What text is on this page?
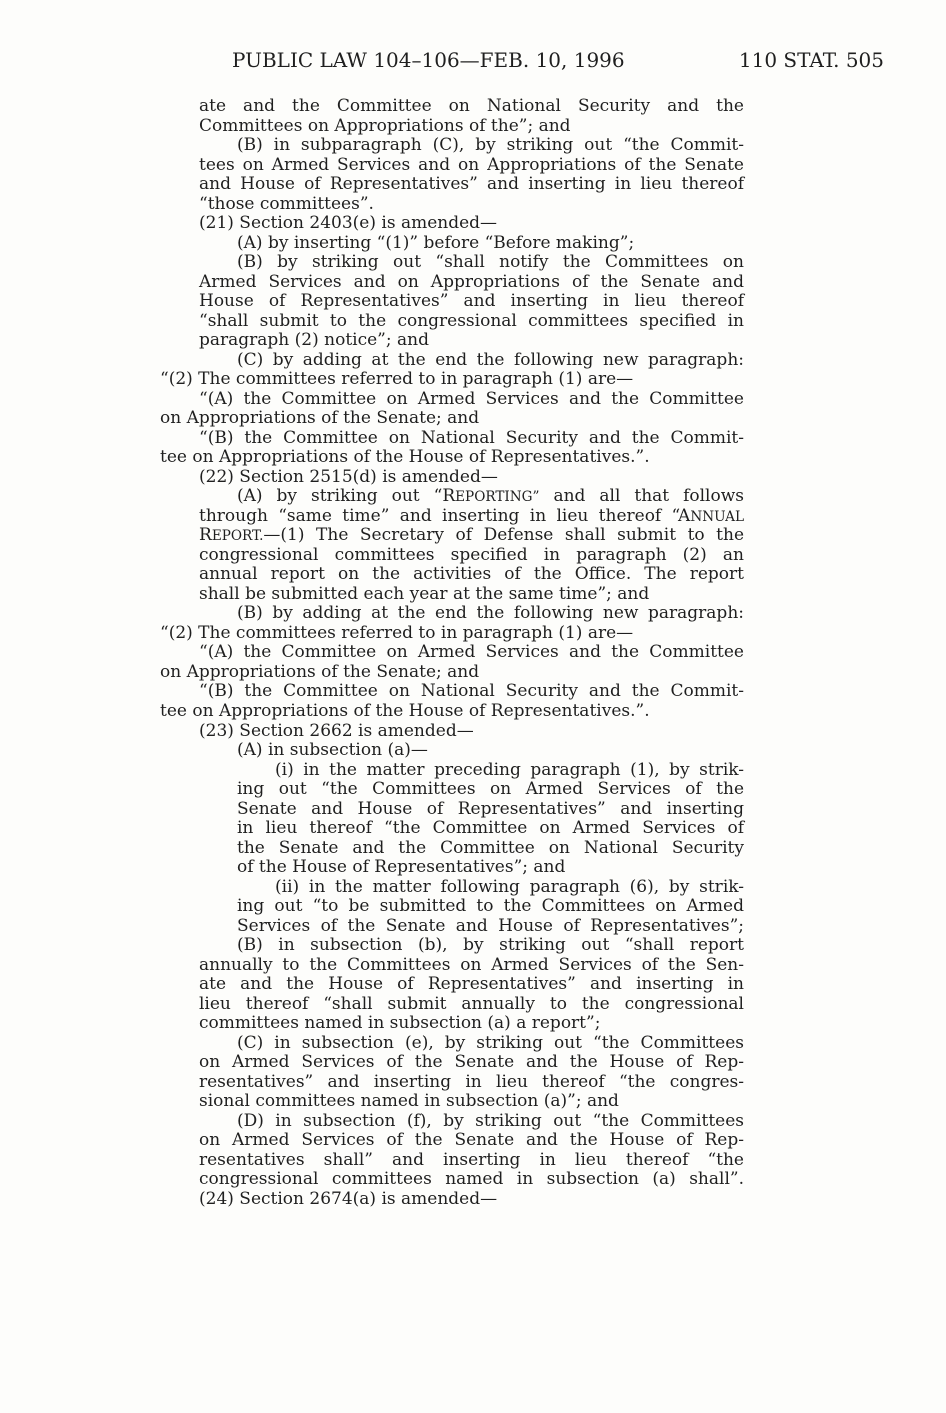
PUBLIC LAW 104–106—FEB. 10, 1996	110 STAT. 505
ate and the Committee on National Security and the
Committees on Appropriations of the”; and
(B) in subparagraph (C), by striking out “the Commit-
tees on Armed Services and on Appropriations of the Senate
and House of Representatives” and inserting in lieu thereof
“those committees”.
(21) Section 2403(e) is amended—
(A) by inserting “(1)” before “Before making”;
(B) by striking out “shall notify the Committees on
Armed Services and on Appropriations of the Senate and
House of Representatives” and inserting in lieu thereof
“shall submit to the congressional committees specified in
paragraph (2) notice”; and
(C) by adding at the end the following new paragraph:
“(2) The committees referred to in paragraph (1) are—
“(A) the Committee on Armed Services and the Committee
on Appropriations of the Senate; and
“(B) the Committee on National Security and the Commit-
tee on Appropriations of the House of Representatives.”.
(22) Section 2515(d) is amended—
(A) by striking out “REPORTING” and all that follows
through “same time” and inserting in lieu thereof “ANNUAL
REPORT.—(1) The Secretary of Defense shall submit to the
congressional committees specified in paragraph (2) an
annual report on the activities of the Office. The report
shall be submitted each year at the same time”; and
(B) by adding at the end the following new paragraph:
“(2) The committees referred to in paragraph (1) are—
“(A) the Committee on Armed Services and the Committee
on Appropriations of the Senate; and
“(B) the Committee on National Security and the Commit-
tee on Appropriations of the House of Representatives.”.
(23) Section 2662 is amended—
(A) in subsection (a)—
(i) in the matter preceding paragraph (1), by strik-
ing out “the Committees on Armed Services of the
Senate and House of Representatives” and inserting
in lieu thereof “the Committee on Armed Services of
the Senate and the Committee on National Security
of the House of Representatives”; and
(ii) in the matter following paragraph (6), by strik-
ing out “to be submitted to the Committees on Armed
Services of the Senate and House of Representatives”;
(B) in subsection (b), by striking out “shall report
annually to the Committees on Armed Services of the Sen-
ate and the House of Representatives” and inserting in
lieu thereof “shall submit annually to the congressional
committees named in subsection (a) a report”;
(C) in subsection (e), by striking out “the Committees
on Armed Services of the Senate and the House of Rep-
resentatives” and inserting in lieu thereof “the congres-
sional committees named in subsection (a)”; and
(D) in subsection (f), by striking out “the Committees
on Armed Services of the Senate and the House of Rep-
resentatives shall” and inserting in lieu thereof “the
congressional committees named in subsection (a) shall”.
(24) Section 2674(a) is amended—
